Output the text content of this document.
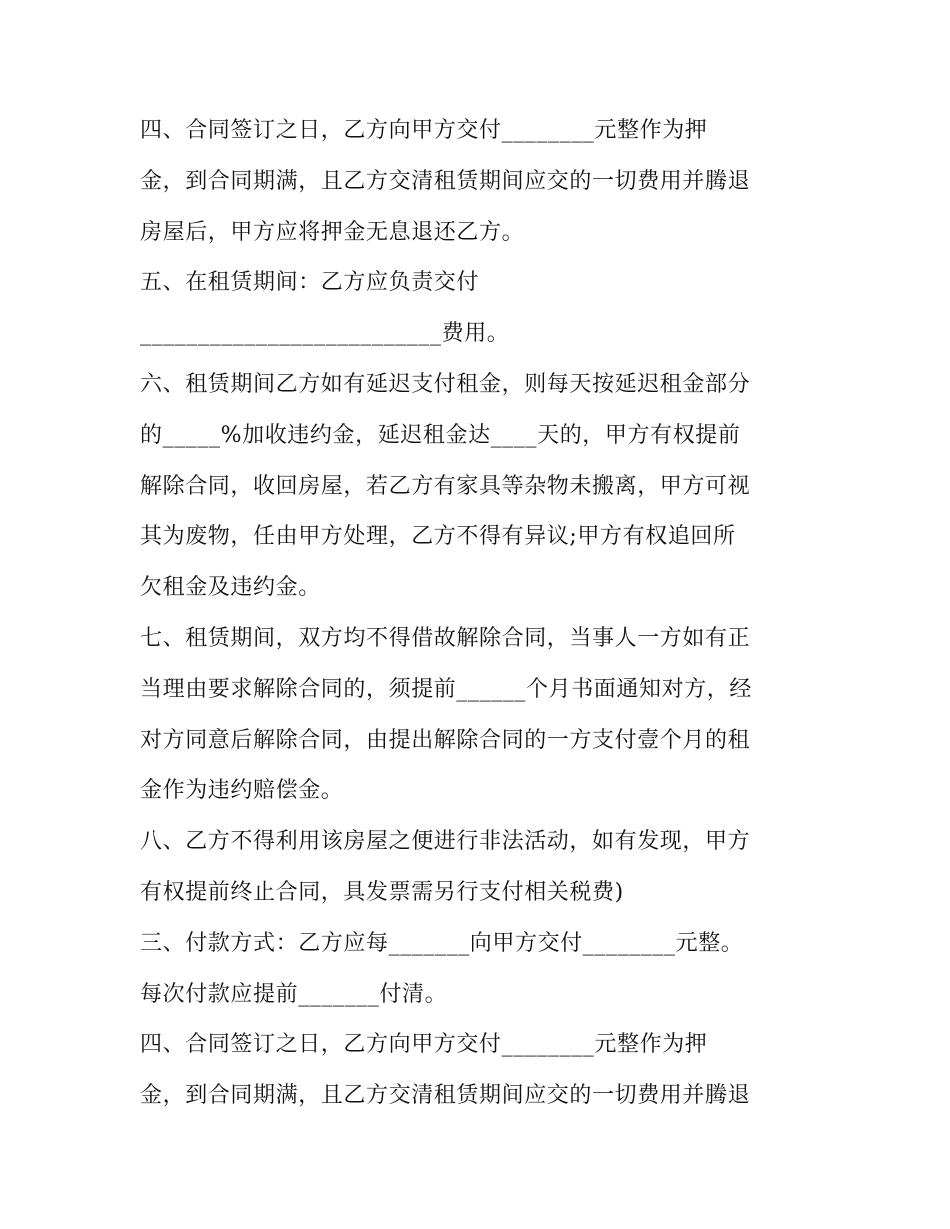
四、合同签订之日，乙方向甲方交付________元整作为押
金，到合同期满，且乙方交清租赁期间应交的一切费用并腾退
房屋后，甲方应将押金无息退还乙方。
五、在租赁期间：乙方应负责交付
__________________________费用。
六、租赁期间乙方如有延迟支付租金，则每天按延迟租金部分
的_____%加收违约金，延迟租金达____天的，甲方有权提前
解除合同，收回房屋，若乙方有家具等杂物未搬离，甲方可视
其为废物，任由甲方处理，乙方不得有异议;甲方有权追回所
欠租金及违约金。
七、租赁期间，双方均不得借故解除合同，当事人一方如有正
当理由要求解除合同的，须提前______个月书面通知对方，经
对方同意后解除合同，由提出解除合同的一方支付壹个月的租
金作为违约赔偿金。
八、乙方不得利用该房屋之便进行非法活动，如有发现，甲方
有权提前终止合同，具发票需另行支付相关税费)
三、付款方式：乙方应每_______向甲方交付________元整。
每次付款应提前_______付清。
四、合同签订之日，乙方向甲方交付________元整作为押
金，到合同期满，且乙方交清租赁期间应交的一切费用并腾退
